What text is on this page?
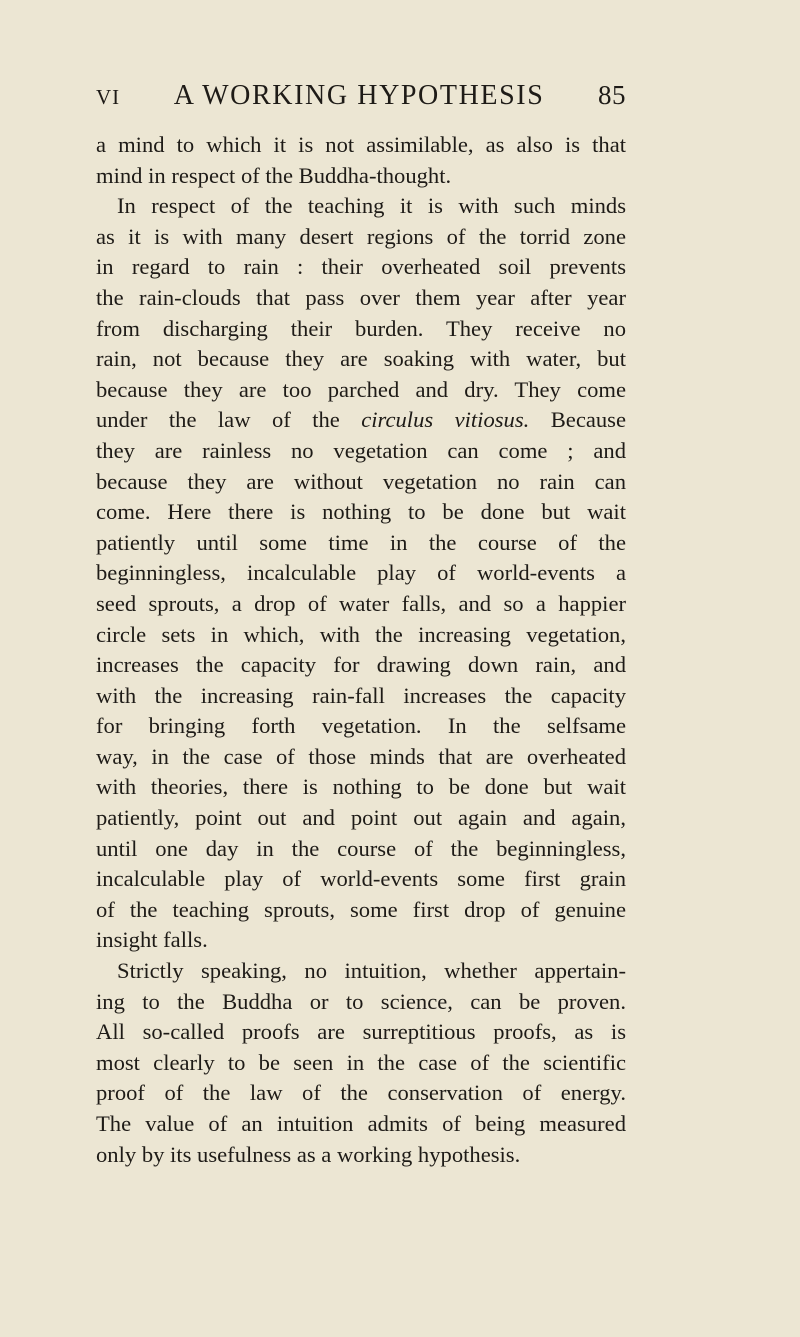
VI A WORKING HYPOTHESIS 85

a mind to which it is not assimilable, as also is that
mind in respect of the Buddha-thought.

In respect of the teaching it is with such minds
as it is with many desert regions of the torrid zone
in regard to rain : their overheated soil prevents
the rain-clouds that pass over them year after year
from discharging their burden. They receive no
rain, not because they are soaking with water, but
because they are too parched and dry. They come
under the law of the circulus vitiosus. Because
they are rainless no vegetation can come ; and
because they are without vegetation no rain can
come. Here there is nothing to be done but wait
patiently until some time in the course of the
beginningless, incalculable play of world-events a
seed sprouts, a drop of water falls, and so a happier
circle sets in which, with the increasing vegetation,
increases the capacity for drawing down rain, and
with the increasing rain-fall increases the capacity
for bringing forth vegetation. In the selfsame
way, in the case of those minds that are overheated
with theories, there is nothing to be done but wait
patiently, point out and point out again and again,
until one day in the course of the beginningless,
incalculable play of world-events some first grain
of the teaching sprouts, some first drop of genuine
insight falls.

Strictly speaking, no intuition, whether appertain-
ing to the Buddha or to science, can be proven.
All so-called proofs are surreptitious proofs, as is
most clearly to be seen in the case of the scientific
proof of the law of the conservation of energy.
The value of an intuition admits of being measured
only by its usefulness as a working hypothesis.
